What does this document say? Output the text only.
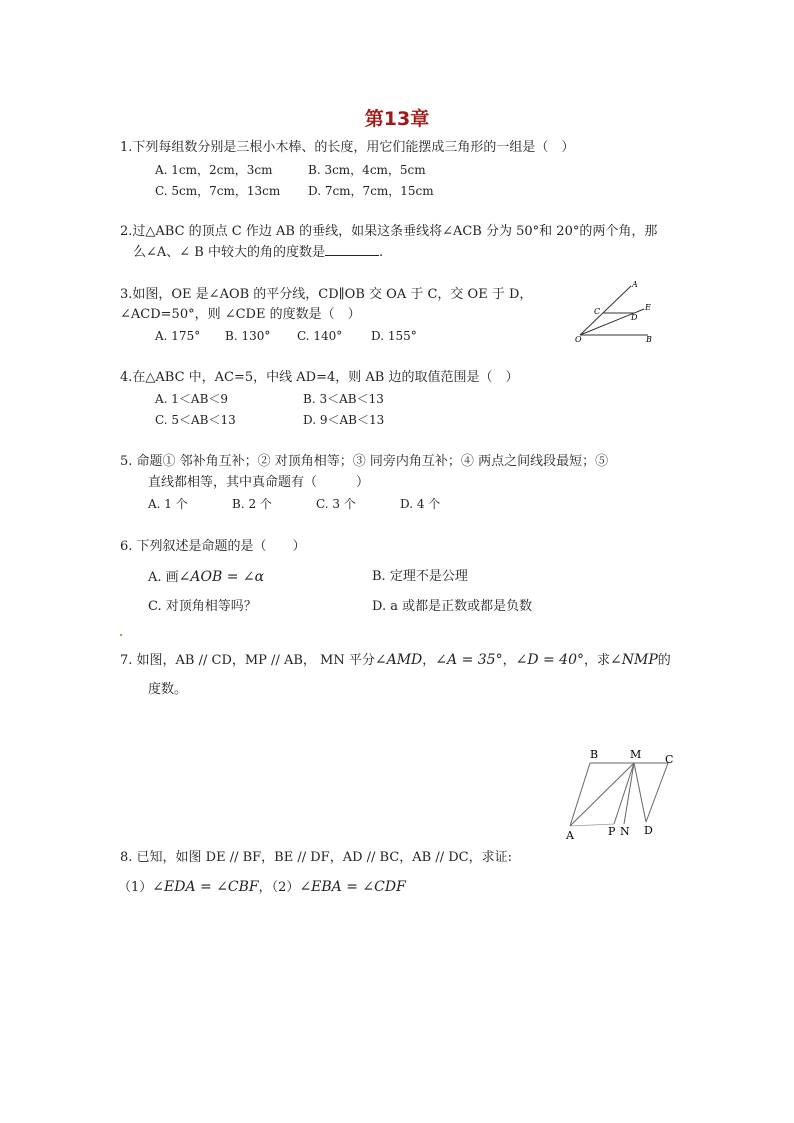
第13章
1.下列每组数分别是三根小木棒、的长度，用它们能摆成三角形的一组是（　）
A. 1cm，2cm，3cm	B. 3cm，4cm，5cm
C. 5cm，7cm，13cm D. 7cm，7cm，15cm
2.过△ABC 的顶点 C 作边 AB 的垂线，如果这条垂线将∠ACB 分为 50°和 20°的两个角，那
么∠A、∠ B 中较大的角的度数是	.
3.如图，OE 是∠AOB 的平分线，CD∥OB 交 OA 于 C，交 OE 于 D，
∠ACD=50°，则 ∠CDE 的度数是（　）
A. 175° B. 130° C. 140° D. 155°
A
C
D
E
O	B
4.在△ABC 中，AC=5，中线 AD=4，则 AB 边的取值范围是（　）
A. 1＜AB＜9	B. 3＜AB＜13
C. 5＜AB＜13	D. 9＜AB＜13
5. 命题① 邻补角互补；② 对顶角相等；③ 同旁内角互补；④ 两点之间线段最短；⑤
直线都相等，其中真命题有（　　　）
A. 1 个	B. 2 个	C. 3 个	D. 4 个
6. 下列叙述是命题的是（　　）
A. 画∠AOB = ∠α	B. 定理不是公理
C. 对顶角相等吗？	D. a 或都是正数或都是负数
7. 如图，AB // CD，MP // AB， MN 平分∠AMD，∠A = 35°，∠D = 40°，求∠NMP的
度数。
B	M C
A	P N D
8. 已知，如图 DE // BF，BE // DF，AD // BC，AB // DC，求证:
（1）∠EDA = ∠CBF，（2）∠EBA = ∠CDF
